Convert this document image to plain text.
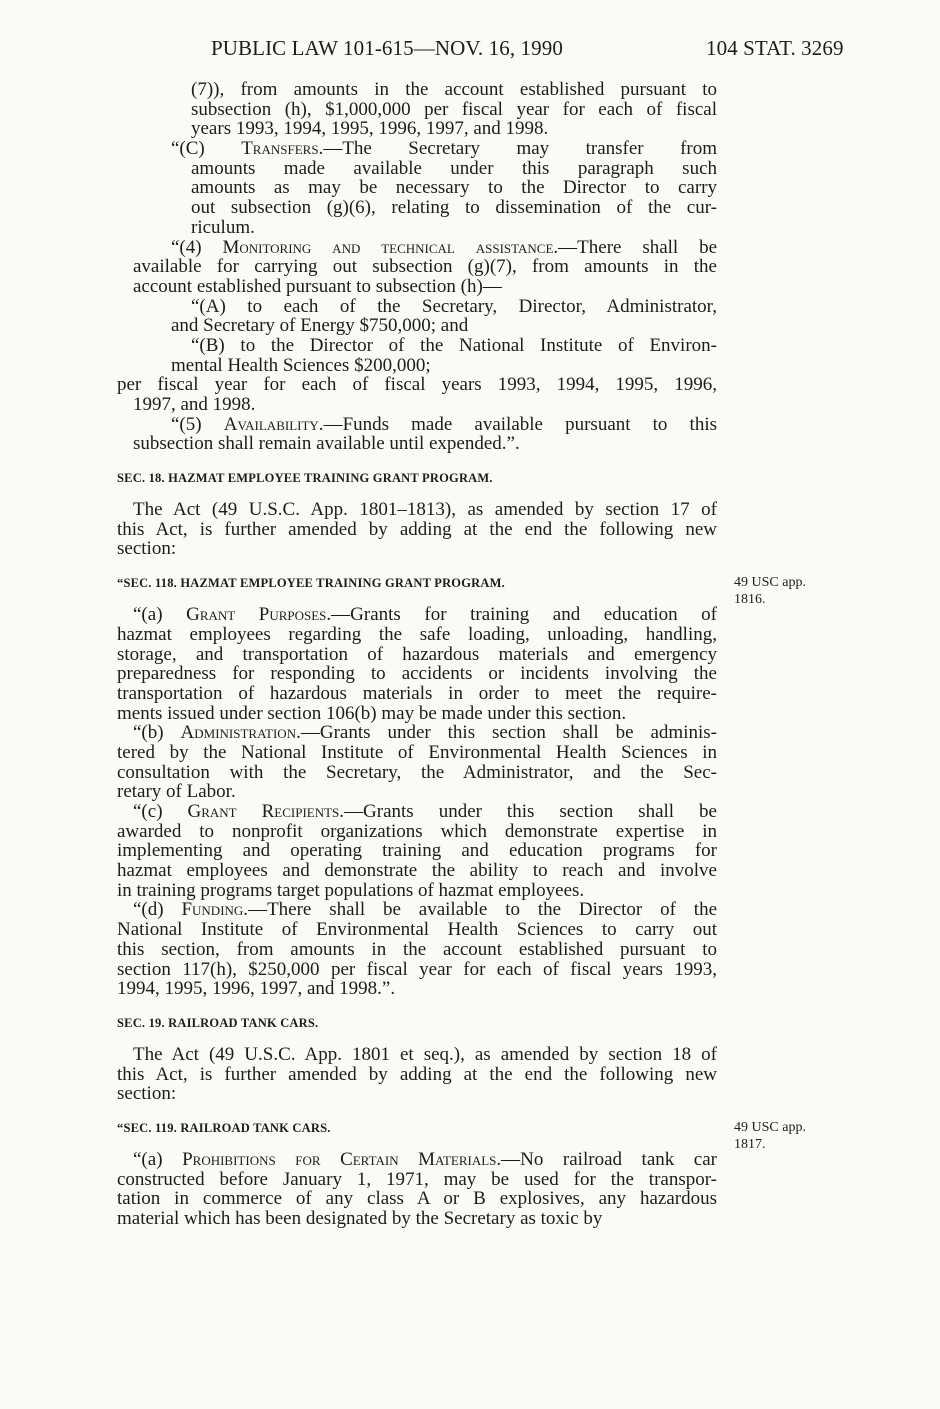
PUBLIC LAW 101-615—NOV. 16, 1990	104 STAT. 3269
(7)), from amounts in the account established pursuant to
subsection (h), $1,000,000 per fiscal year for each of fiscal
years 1993, 1994, 1995, 1996, 1997, and 1998.
“(C) Transfers.—The Secretary may transfer from
amounts made available under this paragraph such
amounts as may be necessary to the Director to carry
out subsection (g)(6), relating to dissemination of the cur-
riculum.
“(4) Monitoring and technical assistance.—There shall be
available for carrying out subsection (g)(7), from amounts in the
account established pursuant to subsection (h)—
“(A) to each of the Secretary, Director, Administrator,
and Secretary of Energy $750,000; and
“(B) to the Director of the National Institute of Environ-
mental Health Sciences $200,000;
per fiscal year for each of fiscal years 1993, 1994, 1995, 1996,
1997, and 1998.
“(5) Availability.—Funds made available pursuant to this
subsection shall remain available until expended.”.
SEC. 18. HAZMAT EMPLOYEE TRAINING GRANT PROGRAM.
The Act (49 U.S.C. App. 1801–1813), as amended by section 17 of
this Act, is further amended by adding at the end the following new
section:
“SEC. 118. HAZMAT EMPLOYEE TRAINING GRANT PROGRAM.
“(a) Grant Purposes.—Grants for training and education of
hazmat employees regarding the safe loading, unloading, handling,
storage, and transportation of hazardous materials and emergency
preparedness for responding to accidents or incidents involving the
transportation of hazardous materials in order to meet the require-
ments issued under section 106(b) may be made under this section.
“(b) Administration.—Grants under this section shall be adminis-
tered by the National Institute of Environmental Health Sciences in
consultation with the Secretary, the Administrator, and the Sec-
retary of Labor.
“(c) Grant Recipients.—Grants under this section shall be
awarded to nonprofit organizations which demonstrate expertise in
implementing and operating training and education programs for
hazmat employees and demonstrate the ability to reach and involve
in training programs target populations of hazmat employees.
“(d) Funding.—There shall be available to the Director of the
National Institute of Environmental Health Sciences to carry out
this section, from amounts in the account established pursuant to
section 117(h), $250,000 per fiscal year for each of fiscal years 1993,
1994, 1995, 1996, 1997, and 1998.”.
SEC. 19. RAILROAD TANK CARS.
The Act (49 U.S.C. App. 1801 et seq.), as amended by section 18 of
this Act, is further amended by adding at the end the following new
section:
“SEC. 119. RAILROAD TANK CARS.
“(a) Prohibitions for Certain Materials.—No railroad tank car
constructed before January 1, 1971, may be used for the transpor-
tation in commerce of any class A or B explosives, any hazardous
material which has been designated by the Secretary as toxic by
49 USC app.
1816.
49 USC app.
1817.
